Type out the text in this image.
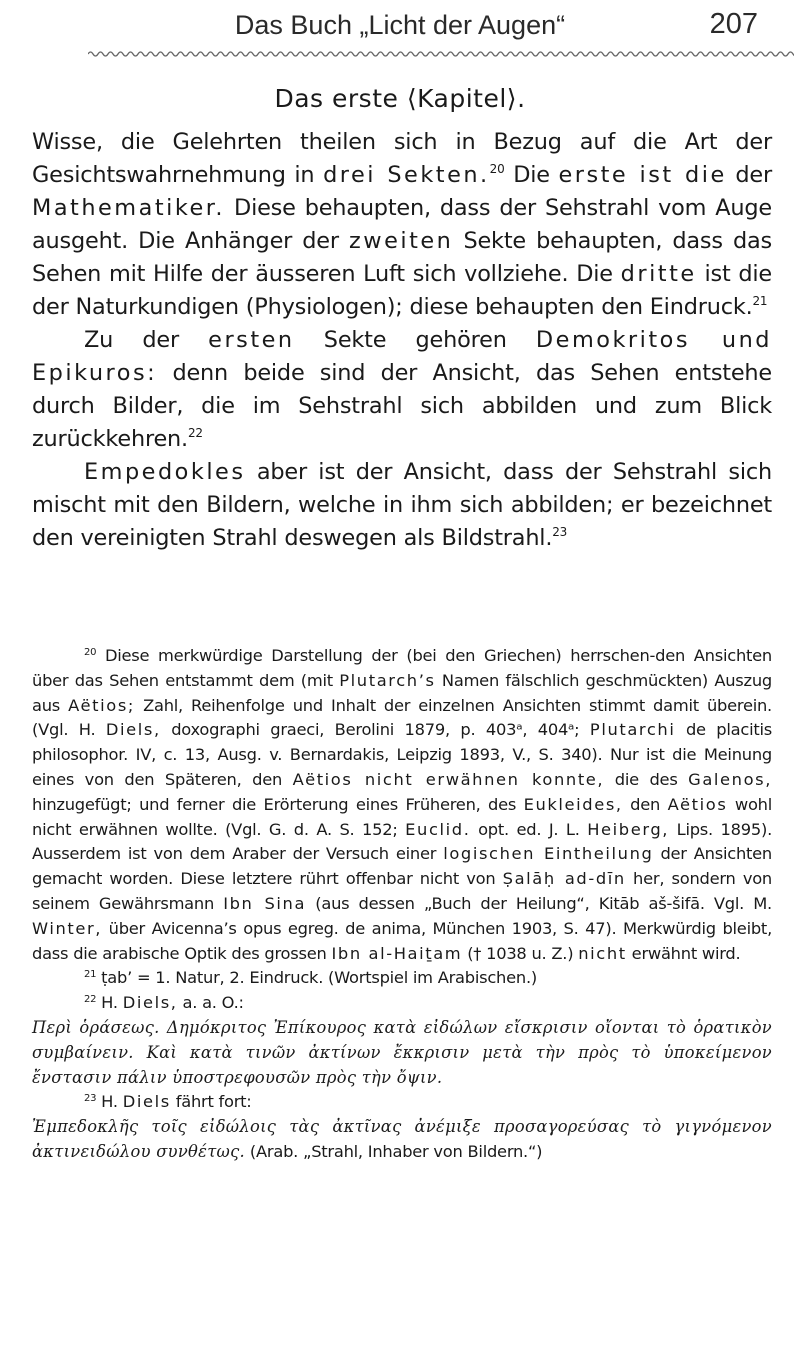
Das Buch „Licht der Augen“	207
Das erste ⟨Kapitel⟩.

Wisse, die Gelehrten theilen sich in Bezug auf die Art der Gesichtswahrnehmung in drei Sekten.$^{20}$ Die erste ist die der Mathematiker. Diese behaupten, dass der Sehstrahl vom Auge ausgeht. Die Anhänger der zweiten Sekte behaupten, dass das Sehen mit Hilfe der äusseren Luft sich vollziehe. Die dritte ist die der Naturkundigen (Physiologen); diese behaupten den Eindruck.$^{21}$

Zu der ersten Sekte gehören Demokritos und Epikuros: denn beide sind der Ansicht, das Sehen entstehe durch Bilder, die im Sehstrahl sich abbilden und zum Blick zurückkehren.$^{22}$

Empedokles aber ist der Ansicht, dass der Sehstrahl sich mischt mit den Bildern, welche in ihm sich abbilden; er bezeichnet den vereinigten Strahl deswegen als Bildstrahl.$^{23}$

$^{20}$ Diese merkwürdige Darstellung der (bei den Griechen) herrschen-den Ansichten über das Sehen entstammt dem (mit Plutarch’s Namen fälschlich geschmückten) Auszug aus Aëtios; Zahl, Reihenfolge und Inhalt der einzelnen Ansichten stimmt damit überein. (Vgl. H. Diels, doxographi graeci, Berolini 1879, p. 403ᵃ, 404ᵃ; Plutarchi de placitis philosophor. IV, c. 13, Ausg. v. Bernardakis, Leipzig 1893, V., S. 340). Nur ist die Meinung eines von den Späteren, den Aëtios nicht erwähnen konnte, die des Galenos, hinzugefügt; und ferner die Erörterung eines Früheren, des Eukleides, den Aëtios wohl nicht erwähnen wollte. (Vgl. G. d. A. S. 152; Euclid. opt. ed. J. L. Heiberg, Lips. 1895). Ausserdem ist von dem Araber der Versuch einer logischen Eintheilung der Ansichten gemacht worden. Diese letztere rührt offenbar nicht von Ṣalāḥ ad-dīn her, sondern von seinem Gewährsmann Ibn Sina (aus dessen „Buch der Heilung“, Kitāb aš-šifā. Vgl. M. Winter, über Avicenna’s opus egreg. de anima, München 1903, S. 47). Merkwürdig bleibt, dass die arabische Optik des grossen Ibn al-Haiṯam († 1038 u. Z.) nicht erwähnt wird.

$^{21}$ ṭab’ = 1. Natur, 2. Eindruck. (Wortspiel im Arabischen.)

$^{22}$ H. Diels, a. a. O.:

Περὶ ὁράσεως. Δημόκριτος Ἐπίκουρος κατὰ εἰδώλων εἴσκρισιν οἴονται τὸ ὁρατικὸν συμβαίνειν. Καὶ κατὰ τινῶν ἀκτίνων ἔκκρισιν μετὰ τὴν πρὸς τὸ ὑποκείμενον ἔνστασιν πάλιν ὑποστρεφουσῶν πρὸς τὴν ὄψιν.

$^{23}$ H. Diels fährt fort:

Ἐμπεδοκλῆς τοῖς εἰδώλοις τὰς ἀκτῖνας ἀνέμιξε προσαγορεύσας τὸ γιγνόμενον ἀκτινειδώλου συνθέτως. (Arab. „Strahl, Inhaber von Bildern.“)
